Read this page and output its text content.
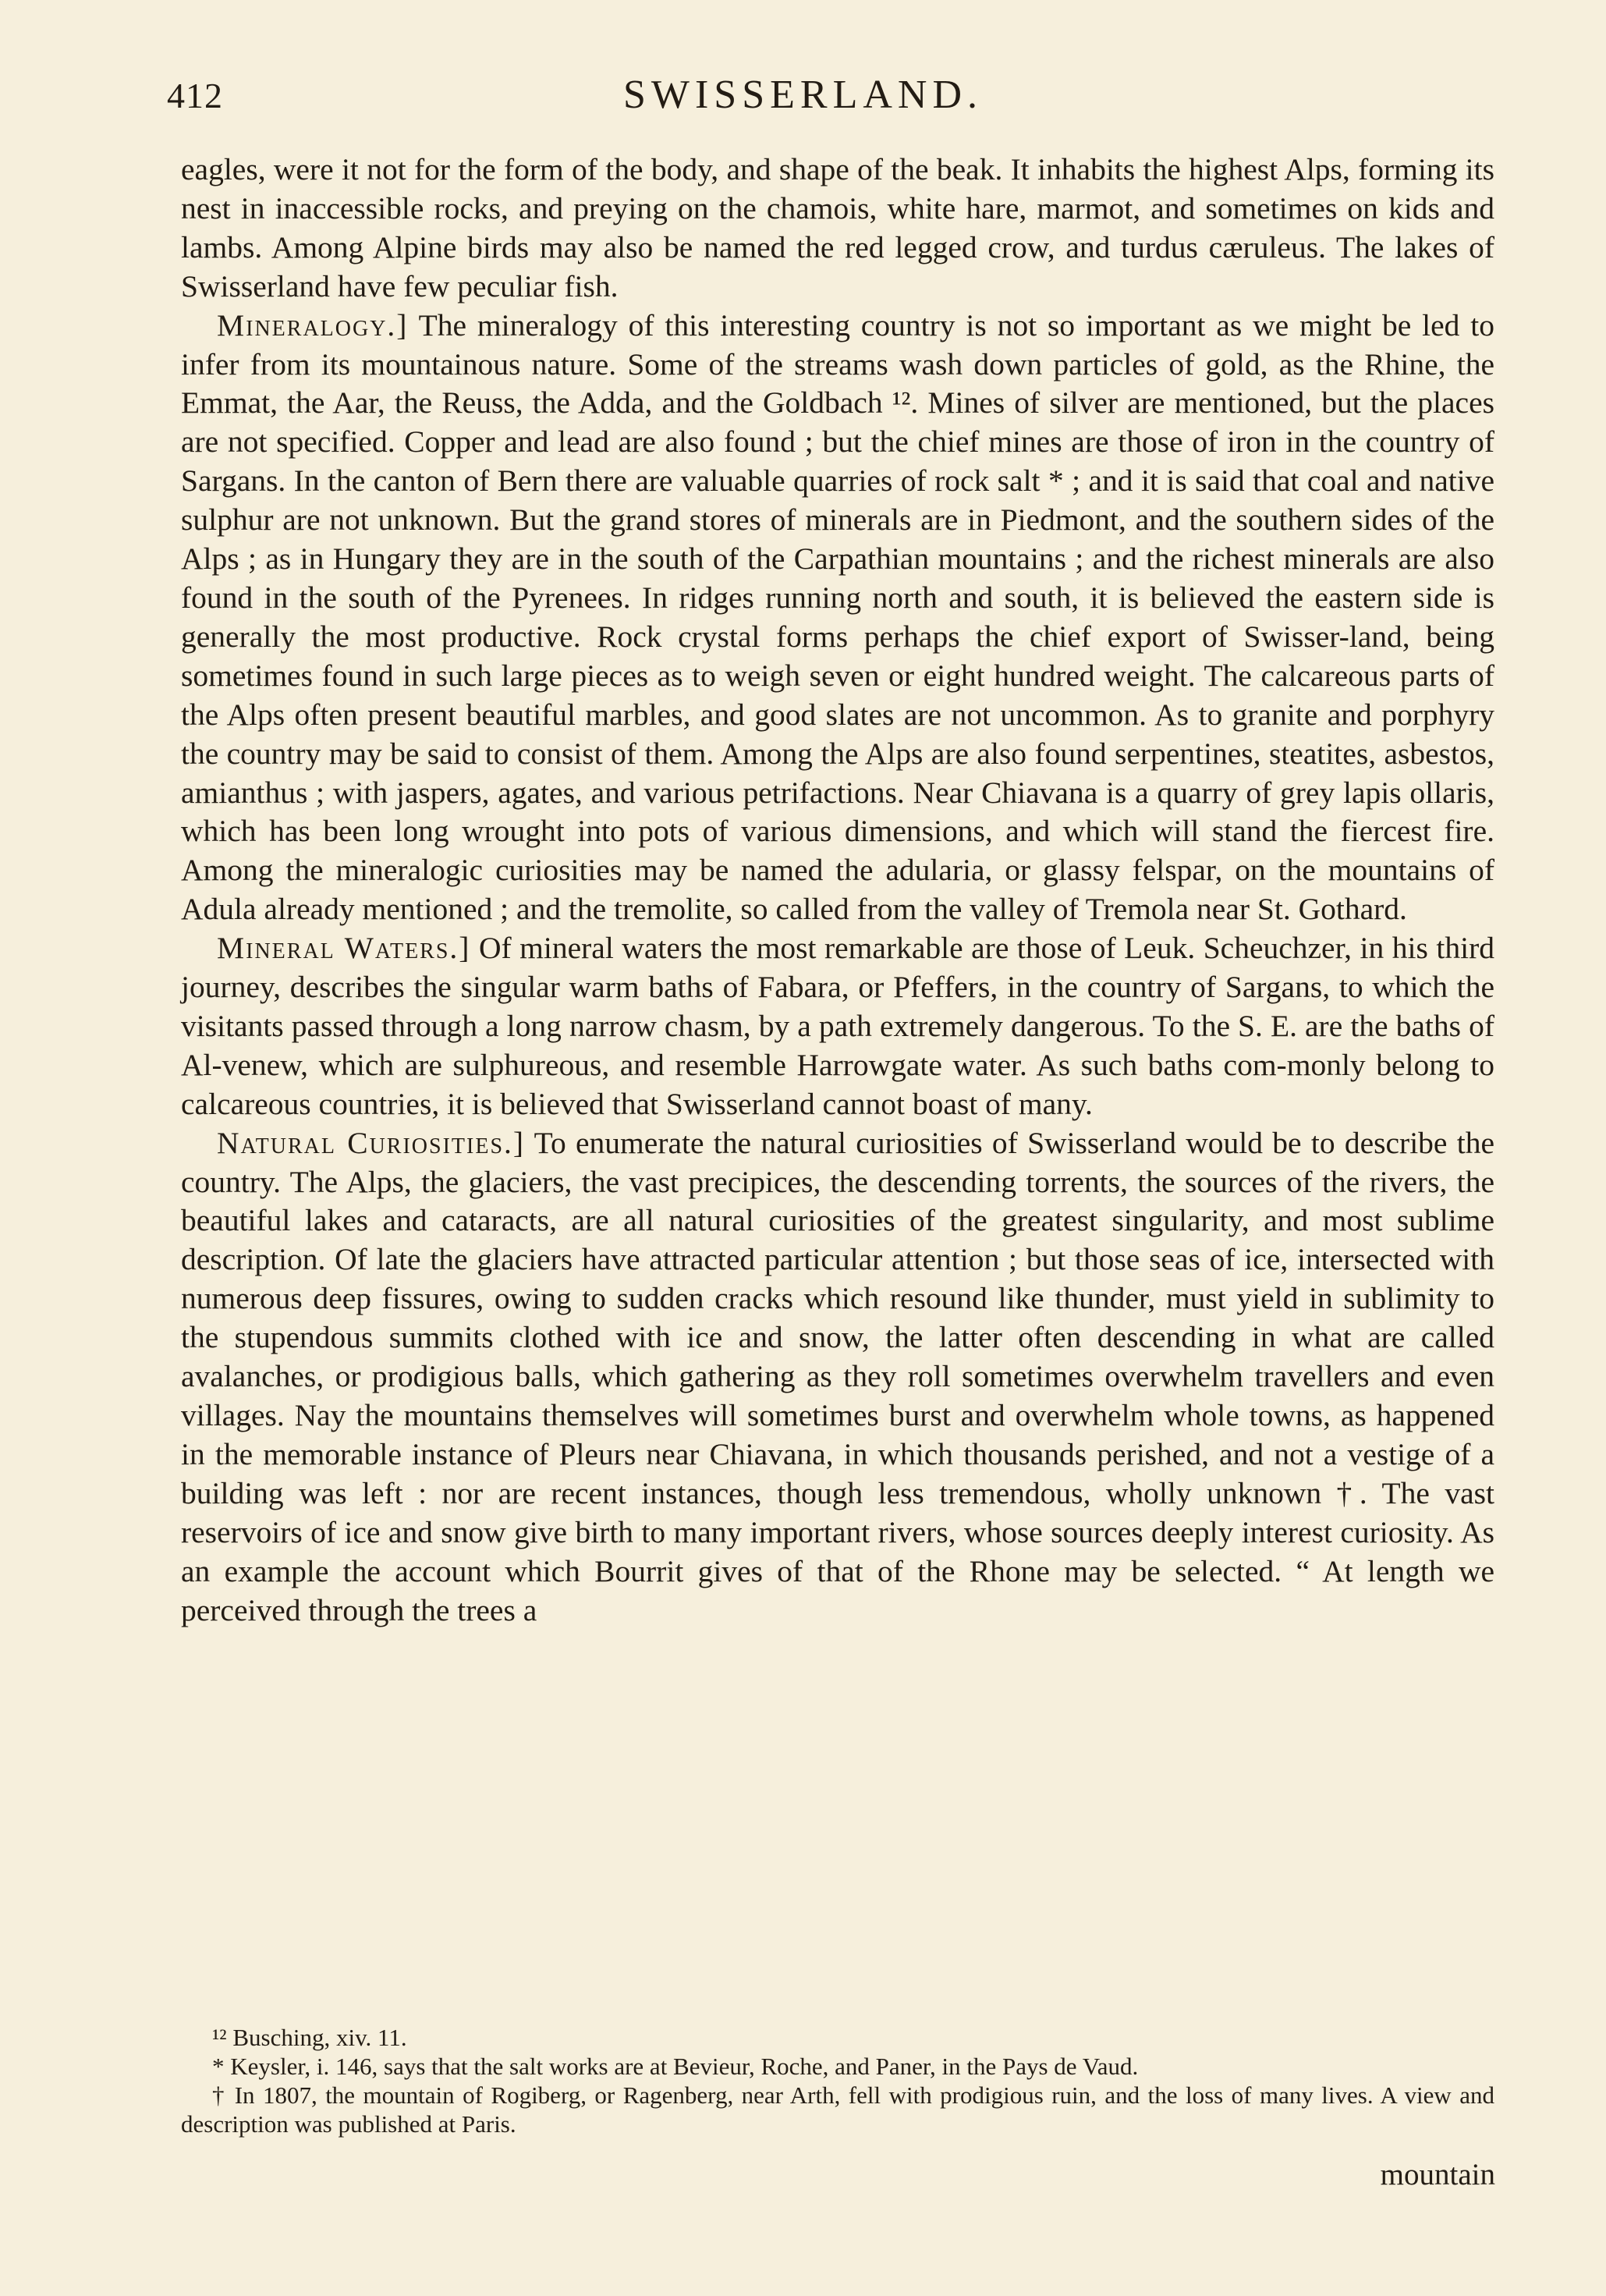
412	SWISSERLAND.

eagles, were it not for the form of the body, and shape of the beak. It inhabits the highest Alps, forming its nest in inaccessible rocks, and preying on the chamois, white hare, marmot, and sometimes on kids and lambs. Among Alpine birds may also be named the red legged crow, and turdus cæruleus. The lakes of Swisserland have few peculiar fish.

Mineralogy.] The mineralogy of this interesting country is not so important as we might be led to infer from its mountainous nature. Some of the streams wash down particles of gold, as the Rhine, the Emmat, the Aar, the Reuss, the Adda, and the Goldbach ¹². Mines of silver are mentioned, but the places are not specified. Copper and lead are also found ; but the chief mines are those of iron in the country of Sargans. In the canton of Bern there are valuable quarries of rock salt * ; and it is said that coal and native sulphur are not unknown. But the grand stores of minerals are in Piedmont, and the southern sides of the Alps ; as in Hungary they are in the south of the Carpathian mountains ; and the richest minerals are also found in the south of the Pyrenees. In ridges running north and south, it is believed the eastern side is generally the most productive. Rock crystal forms perhaps the chief export of Swisser-land, being sometimes found in such large pieces as to weigh seven or eight hundred weight. The calcareous parts of the Alps often present beautiful marbles, and good slates are not uncommon. As to granite and porphyry the country may be said to consist of them. Among the Alps are also found serpentines, steatites, asbestos, amianthus ; with jaspers, agates, and various petrifactions. Near Chiavana is a quarry of grey lapis ollaris, which has been long wrought into pots of various dimensions, and which will stand the fiercest fire. Among the mineralogic curiosities may be named the adularia, or glassy felspar, on the mountains of Adula already mentioned ; and the tremolite, so called from the valley of Tremola near St. Gothard.

Mineral Waters.] Of mineral waters the most remarkable are those of Leuk. Scheuchzer, in his third journey, describes the singular warm baths of Fabara, or Pfeffers, in the country of Sargans, to which the visitants passed through a long narrow chasm, by a path extremely dangerous. To the S. E. are the baths of Al-venew, which are sulphureous, and resemble Harrowgate water. As such baths com-monly belong to calcareous countries, it is believed that Swisserland cannot boast of many.

Natural Curiosities.] To enumerate the natural curiosities of Swisserland would be to describe the country. The Alps, the glaciers, the vast precipices, the descending torrents, the sources of the rivers, the beautiful lakes and cataracts, are all natural curiosities of the greatest singularity, and most sublime description. Of late the glaciers have attracted particular attention ; but those seas of ice, intersected with numerous deep fissures, owing to sudden cracks which resound like thunder, must yield in sublimity to the stupendous summits clothed with ice and snow, the latter often descending in what are called avalanches, or prodigious balls, which gathering as they roll sometimes overwhelm travellers and even villages. Nay the mountains themselves will sometimes burst and overwhelm whole towns, as happened in the memorable instance of Pleurs near Chiavana, in which thousands perished, and not a vestige of a building was left : nor are recent instances, though less tremendous, wholly unknown †. The vast reservoirs of ice and snow give birth to many important rivers, whose sources deeply interest curiosity. As an example the account which Bourrit gives of that of the Rhone may be selected. “ At length we perceived through the trees a

¹² Busching, xiv. 11.

* Keysler, i. 146, says that the salt works are at Bevieur, Roche, and Paner, in the Pays de Vaud.

† In 1807, the mountain of Rogiberg, or Ragenberg, near Arth, fell with prodigious ruin, and the loss of many lives. A view and description was published at Paris.

mountain
